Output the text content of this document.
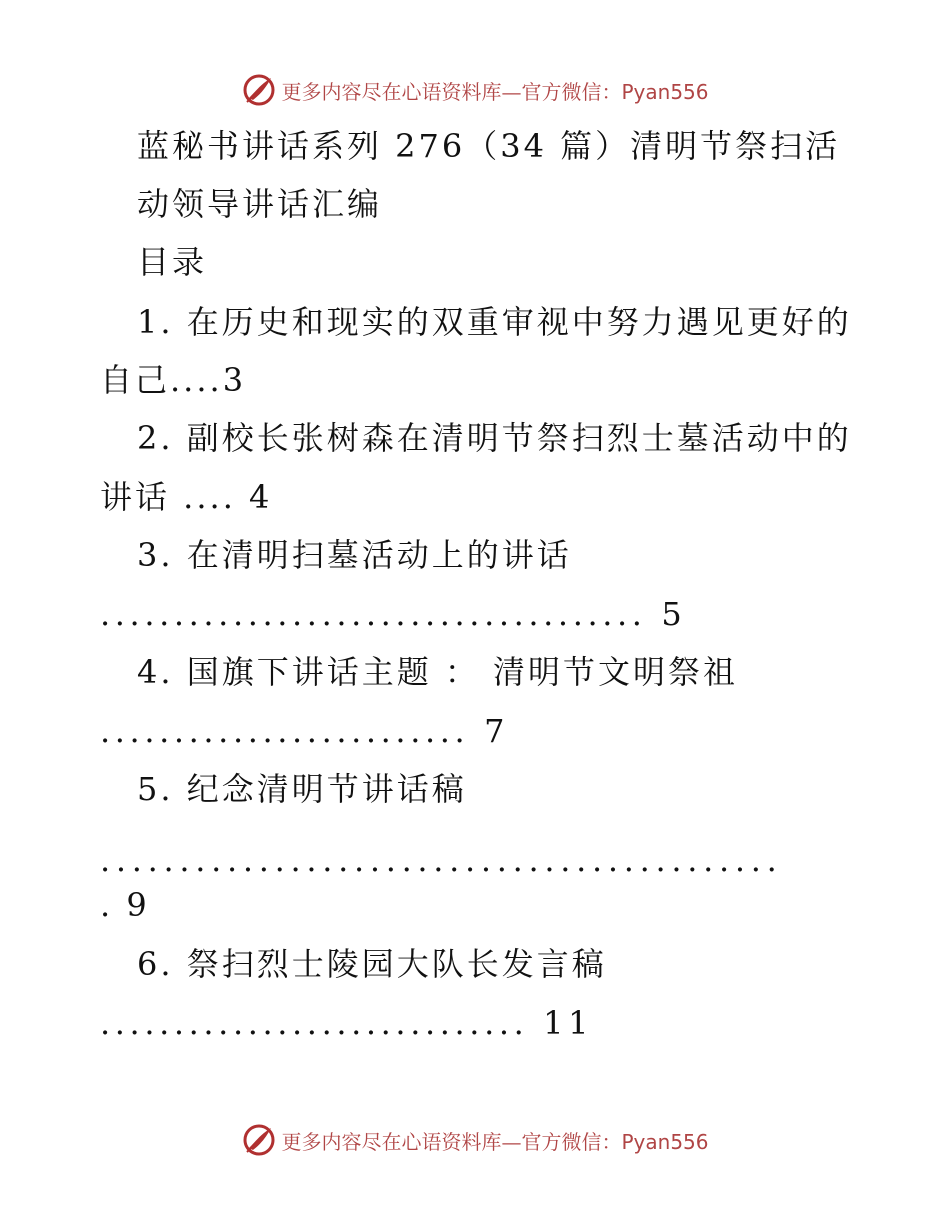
更多内容尽在心语资料库—官方微信：Pyan556
蓝秘书讲话系列 276（34 篇）清明节祭扫活
动领导讲话汇编
目录
1. 在历史和现实的双重审视中努力遇见更好的
自己....3
2. 副校长张树森在清明节祭扫烈士墓活动中的
讲话 .... 4
3. 在清明扫墓活动上的讲话
..................................... 5
4. 国旗下讲话主题 ： 清明节文明祭祖
......................... 7
5. 纪念清明节讲话稿
...........................................
. 9
6. 祭扫烈士陵园大队长发言稿
............................. 11
更多内容尽在心语资料库—官方微信：Pyan556
